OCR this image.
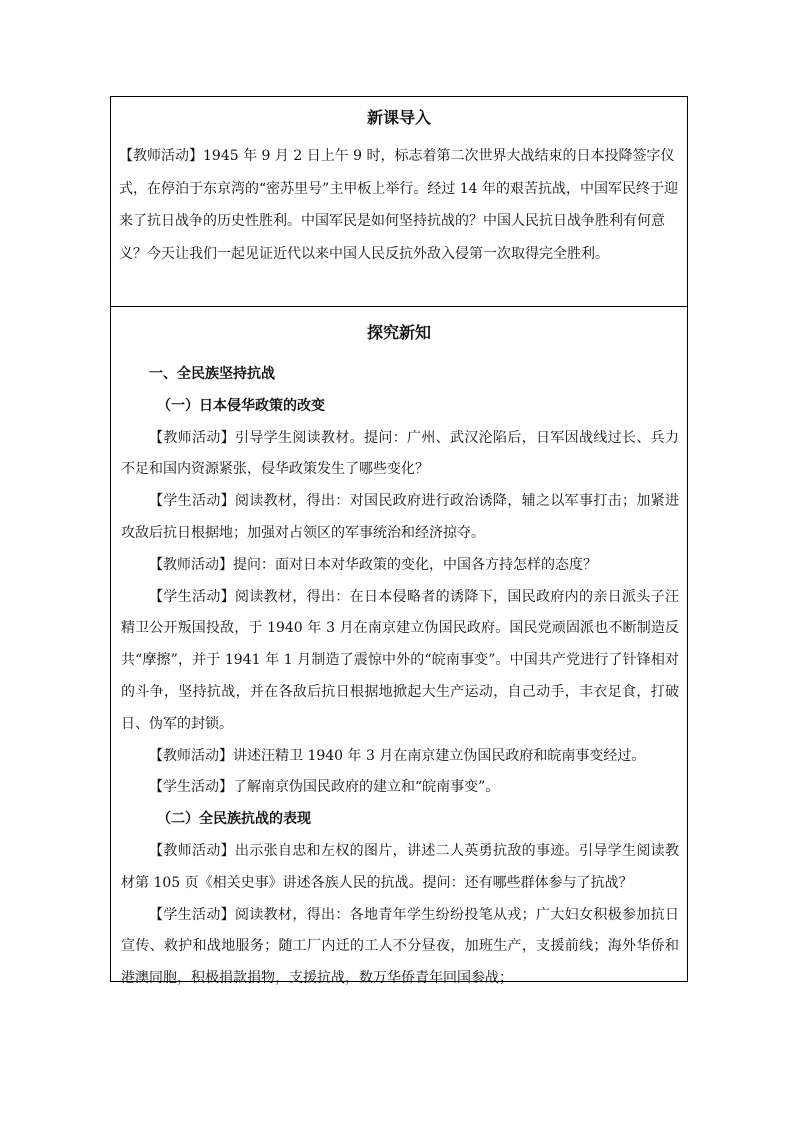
新课导入

【教师活动】1945 年 9 月 2 日上午 9 时，标志着第二次世界大战结束的日本投降签字仪式，在停泊于东京湾的“密苏里号”主甲板上举行。经过 14 年的艰苦抗战，中国军民终于迎来了抗日战争的历史性胜利。中国军民是如何坚持抗战的？中国人民抗日战争胜利有何意义？今天让我们一起见证近代以来中国人民反抗外敌入侵第一次取得完全胜利。

探究新知
一、全民族坚持抗战
（一）日本侵华政策的改变

【教师活动】引导学生阅读教材。提问：广州、武汉沦陷后，日军因战线过长、兵力不足和国内资源紧张，侵华政策发生了哪些变化？

【学生活动】阅读教材，得出：对国民政府进行政治诱降，辅之以军事打击；加紧进攻敌后抗日根据地；加强对占领区的军事统治和经济掠夺。

【教师活动】提问：面对日本对华政策的变化，中国各方持怎样的态度？

【学生活动】阅读教材，得出：在日本侵略者的诱降下，国民政府内的亲日派头子汪精卫公开叛国投敌，于 1940 年 3 月在南京建立伪国民政府。国民党顽固派也不断制造反共“摩擦”，并于 1941 年 1 月制造了震惊中外的“皖南事变”。中国共产党进行了针锋相对的斗争，坚持抗战，并在各敌后抗日根据地掀起大生产运动，自己动手，丰衣足食，打破日、伪军的封锁。

【教师活动】讲述汪精卫 1940 年 3 月在南京建立伪国民政府和皖南事变经过。

【学生活动】了解南京伪国民政府的建立和“皖南事变”。

（二）全民族抗战的表现

【教师活动】出示张自忠和左权的图片，讲述二人英勇抗敌的事迹。引导学生阅读教材第 105 页《相关史事》讲述各族人民的抗战。提问：还有哪些群体参与了抗战？

【学生活动】阅读教材，得出：各地青年学生纷纷投笔从戎；广大妇女积极参加抗日宣传、救护和战地服务；随工厂内迁的工人不分昼夜，加班生产，支援前线；海外华侨和港澳同胞，积极捐款捐物，支援抗战，数万华侨青年回国参战；
